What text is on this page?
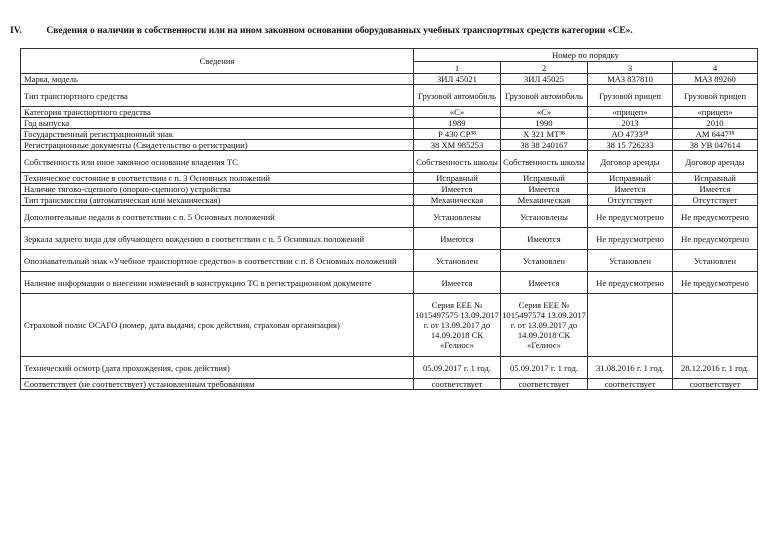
IV.	Сведения о наличии в собственности или на ином законном основании оборудованных учебных транспортных средств категории «СЕ».
Сведения	Номер по порядку			
	1	2	3	4
Марка, модель	ЗИЛ 45021	ЗИЛ 45025	МАЗ 837810	МАЗ 89260
Тип транспортного средства	Грузовой автомобиль	Грузовой автомобиль	Грузовой прицеп	Грузовой прицеп
Категория транспортного средства	«С»	«С»	«прицеп»	«прицеп»
Год выпуска	1989	1990	2013	2010
Государственный регистрационный знак	Р 430 СР³⁸	Х 321 МТ³⁸	АО 4733³⁸	АМ 6447³⁸
Регистрационные документы (Свидетельство о регистрации)	38 ХМ 985253	38 38 240167	38 15 726233	38 УВ 047614
Собственность или иное законное основание владения ТС	Собственность школы	Собственность школы	Договор аренды	Договор аренды
Техническое состояние в соответствии с п. 3 Основных положений	Исправный	Исправный	Исправный	Исправный
Наличие тягово-сцепного (опорно-сцепного) устройства	Имеется	Имеется	Имеется	Имеется
Тип трансмиссии (автоматическая или механическая)	Механическая	Механическая	Отсутствует	Отсутствует
Дополнительные педали в соответствии с п. 5 Основных положений	Установлены	Установлены	Не предусмотрено	Не предусмотрено
Зеркала заднего вида для обучающего вождению в соответствии с п. 5 Основных положений	Имеются	Имеются	Не предусмотрено	Не предусмотрено
Опознавательный знак «Учебное транспортное средство» в соответствии с п. 8 Основных положений	Установлен	Установлен	Установлен	Установлен
Наличие информации о внесении изменений в конструкцию ТС в регистрационном документе	Имеется	Имеется	Не предусмотрено	Не предусмотрено
Страховой полис ОСАГО (номер, дата выдачи, срок действия, страховая организация)	Серия ЕЕЕ № 1015497575 13.09.2017 г. от 13.09.2017 до 14.09.2018 СК «Гелиос»	Серия ЕЕЕ № 1015497574 13.09.2017 г. от 13.09.2017 до 14.09.2018 СК «Гелиос»		
Технический осмотр (дата прохождения, срок действия)	05.09.2017 г. 1 год.	05.09.2017 г. 1 год.	31.08.2016 г. 1 год.	28.12.2016 г. 1 год.
Соответствует (не соответствует) установленным требованиям	соответствует	соответствует	соответствует	соответствует
